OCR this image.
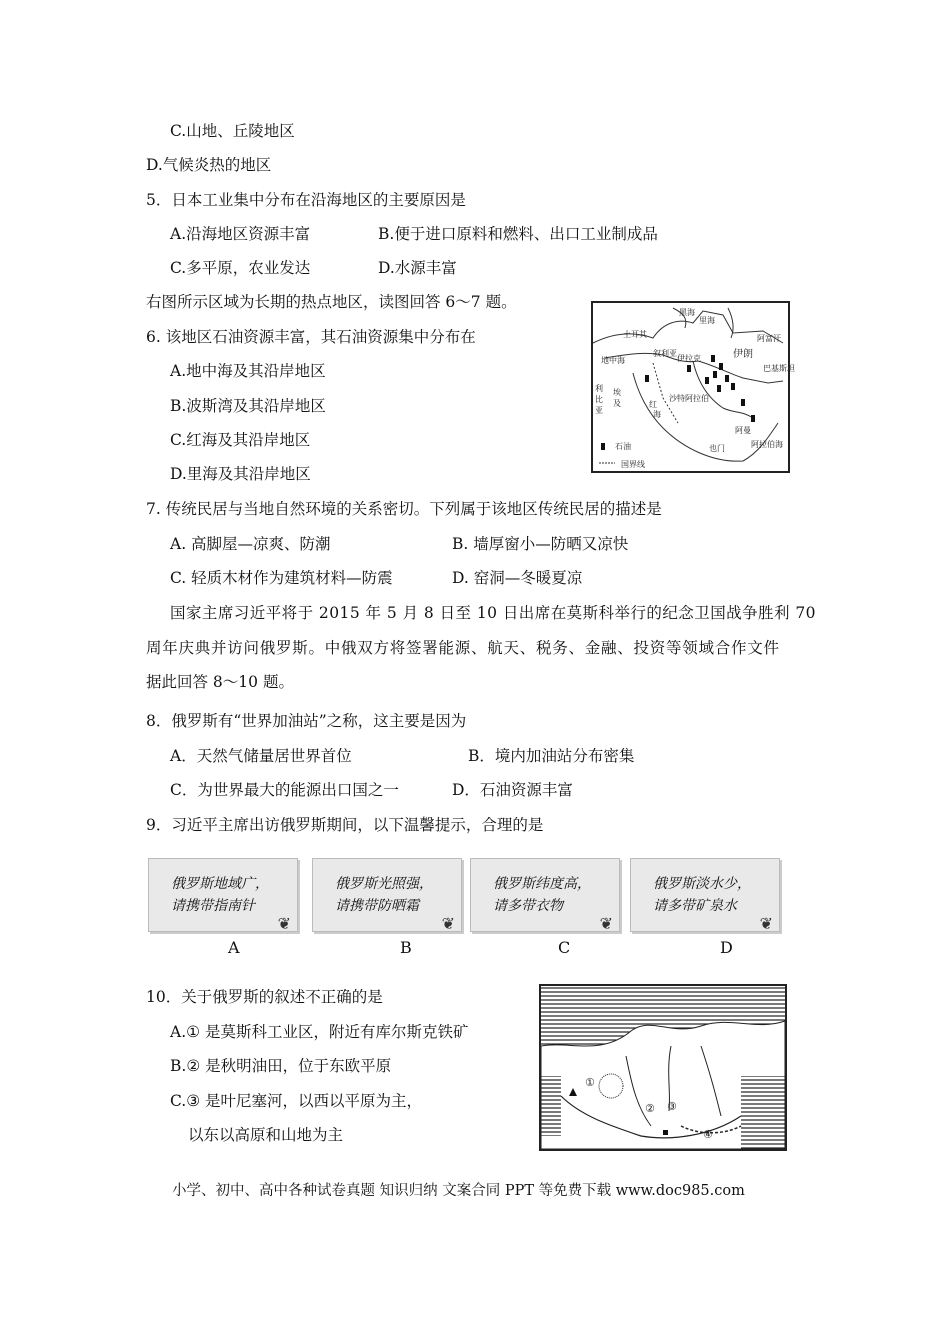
C.山地、丘陵地区
D.气候炎热的地区
5．日本工业集中分布在沿海地区的主要原因是
A.沿海地区资源丰富	B.便于进口原料和燃料、出口工业制成品
C.多平原，农业发达	D.水源丰富
右图所示区域为长期的热点地区，读图回答 6～7 题。
6. 该地区石油资源丰富，其石油资源集中分布在
A.地中海及其沿岸地区
B.波斯湾及其沿岸地区
C.红海及其沿岸地区
D.里海及其沿岸地区
7. 传统民居与当地自然环境的关系密切。下列属于该地区传统民居的描述是
A. 高脚屋—凉爽、防潮	B. 墙厚窗小—防晒又凉快
C. 轻质木材作为建筑材料—防震	D. 窑洞—冬暖夏凉
国家主席习近平将于 2015 年 5 月 8 日至 10 日出席在莫斯科举行的纪念卫国战争胜利 70
周年庆典并访问俄罗斯。中俄双方将签署能源、航天、税务、金融、投资等领域合作文件
据此回答 8～10 题。
8．俄罗斯有“世界加油站”之称，这主要是因为
A．天然气储量居世界首位	B．境内加油站分布密集
C．为世界最大的能源出口国之一	D．石油资源丰富
9．习近平主席出访俄罗斯期间，以下温馨提示，合理的是
俄罗斯地域广，
请携带指南针
❦
俄罗斯光照强，
请携带防晒霜
❦
俄罗斯纬度高，
请多带衣物
❦
俄罗斯淡水少，
请多带矿泉水
❦
A	B	C	D
10．关于俄罗斯的叙述不正确的是
A.① 是莫斯科工业区，附近有库尔斯克铁矿
B.② 是秋明油田，位于东欧平原
C.③ 是叶尼塞河，以西以平原为主，
以东以高原和山地为主
小学、初中、高中各种试卷真题 知识归纳 文案合同 PPT 等免费下载 www.doc985.com
黑海
里海
土耳其
叙利亚
伊拉克	伊朗
阿富汗
地中海
利比亚
埃及	红
海
沙特阿拉伯
巴基斯坦
也门
阿曼
阿拉伯海
石油
国界线
①
② ③
④
